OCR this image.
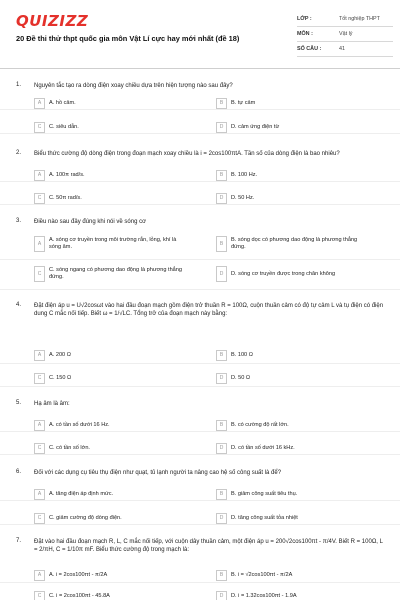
QUIZIZZ
20 Đề thi thử thpt quốc gia môn Vật Lí cực hay mới nhất (đề 18)
LỚP :	Tốt nghiệp THPT
MÔN :	Vật lý
SỐ CÂU :	41
1. Nguyên tắc tạo ra dòng điện xoay chiều dựa trên hiện tượng nào sau đây?
A	A. hồ cảm.	B	B. tự cảm
C	C. siêu dẫn.	D	D. cảm ứng điện từ
2. Biểu thức cường độ dòng điện trong đoạn mạch xoay chiều là i = 2cos100πtA. Tần số của dòng điện là bao nhiêu?
A	A. 100π rad/s.	B	B. 100 Hz.
C	C. 50π rad/s.	D	D. 50 Hz.
3. Điều nào sau đây đúng khi nói về sóng cơ
A
A. sóng cơ truyền trong môi trường rắn, lỏng, khí là sóng âm.	B
B. sóng dọc có phương dao động là phương thẳng đứng.
C
C. sóng ngang có phương dao động là phương thẳng đứng.	D	D. sóng cơ truyền được trong chân không
4. Đặt điện áp u = U√2cosωt vào hai đầu đoạn mạch gồm điện trở thuần R = 100Ω, cuộn thuần cảm có độ tự cảm L và tụ điện có điện dung C mắc nối tiếp. Biết ω = 1/√LC. Tổng trở của đoạn mạch này bằng:
A	A. 200 Ω	B	B. 100 Ω
C	C. 150 Ω	D	D. 50 Ω
5. Hạ âm là âm:
A	A. có tần số dưới 16 Hz.	B	B. có cường độ rất lớn.
C	C. có tần số lớn.	D	D. có tần số dưới 16 kHz.
6. Đối với các dụng cụ tiêu thụ điện như quạt, tủ lạnh người ta nâng cao hệ số công suất là để?
A	A. tăng điện áp định mức.	B	B. giảm công suất tiêu thụ.
C	C. giảm cường độ dòng điện.	D	D. tăng công suất tỏa nhiệt
7. Đặt vào hai đầu đoạn mạch R, L, C mắc nối tiếp, với cuộn dây thuần cảm, một điện áp u = 200√2cos100πt - π/4V. Biết R = 100Ω, L = 2/πH, C = 1/10π mF. Biểu thức cường độ trong mạch là:
A	A. i = 2cos100πt - π/2A	B	B. i = √2cos100πt - π/2A
C	C. i = 2cos100πt - 45.8A	D	D. i = 1.32cos100πt - 1.9A
